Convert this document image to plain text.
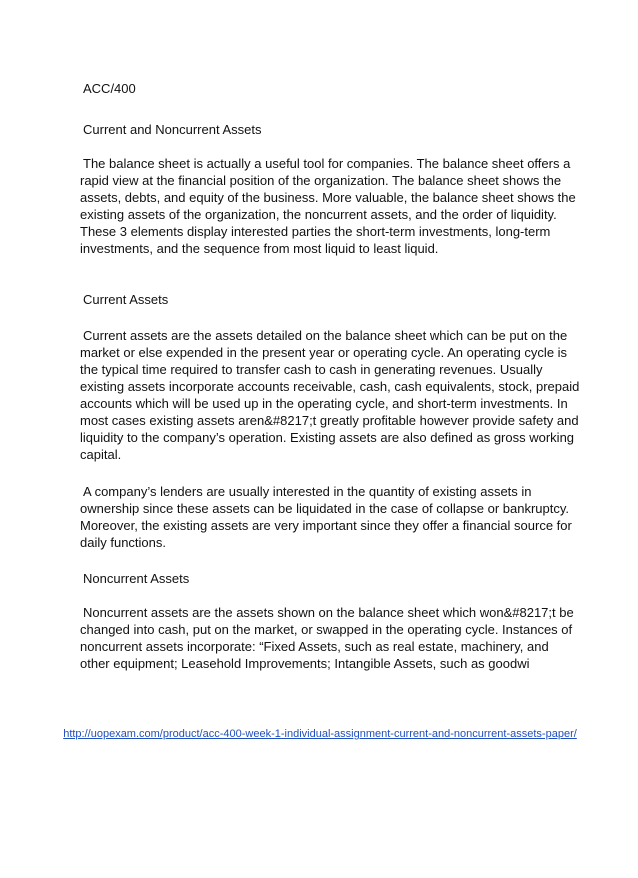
ACC/400

Current and Noncurrent Assets

The balance sheet is actually a useful tool for companies. The balance sheet offers a rapid view at the financial position of the organization. The balance sheet shows the assets, debts, and equity of the business. More valuable, the balance sheet shows the existing assets of the organization, the noncurrent assets, and the order of liquidity. These 3 elements display interested parties the short-term investments, long-term investments, and the sequence from most liquid to least liquid.

Current Assets

Current assets are the assets detailed on the balance sheet which can be put on the market or else expended in the present year or operating cycle. An operating cycle is the typical time required to transfer cash to cash in generating revenues. Usually existing assets incorporate accounts receivable, cash, cash equivalents, stock, prepaid accounts which will be used up in the operating cycle, and short-term investments. In most cases existing assets aren&#8217;t greatly profitable however provide safety and liquidity to the company’s operation. Existing assets are also defined as gross working capital.

A company’s lenders are usually interested in the quantity of existing assets in ownership since these assets can be liquidated in the case of collapse or bankruptcy. Moreover, the existing assets are very important since they offer a financial source for daily functions.

Noncurrent Assets

Noncurrent assets are the assets shown on the balance sheet which won&#8217;t be changed into cash, put on the market, or swapped in the operating cycle. Instances of noncurrent assets incorporate: “Fixed Assets, such as real estate, machinery, and other equipment; Leasehold Improvements; Intangible Assets, such as goodwi

http://uopexam.com/product/acc-400-week-1-individual-assignment-current-and-noncurrent-assets-paper/
